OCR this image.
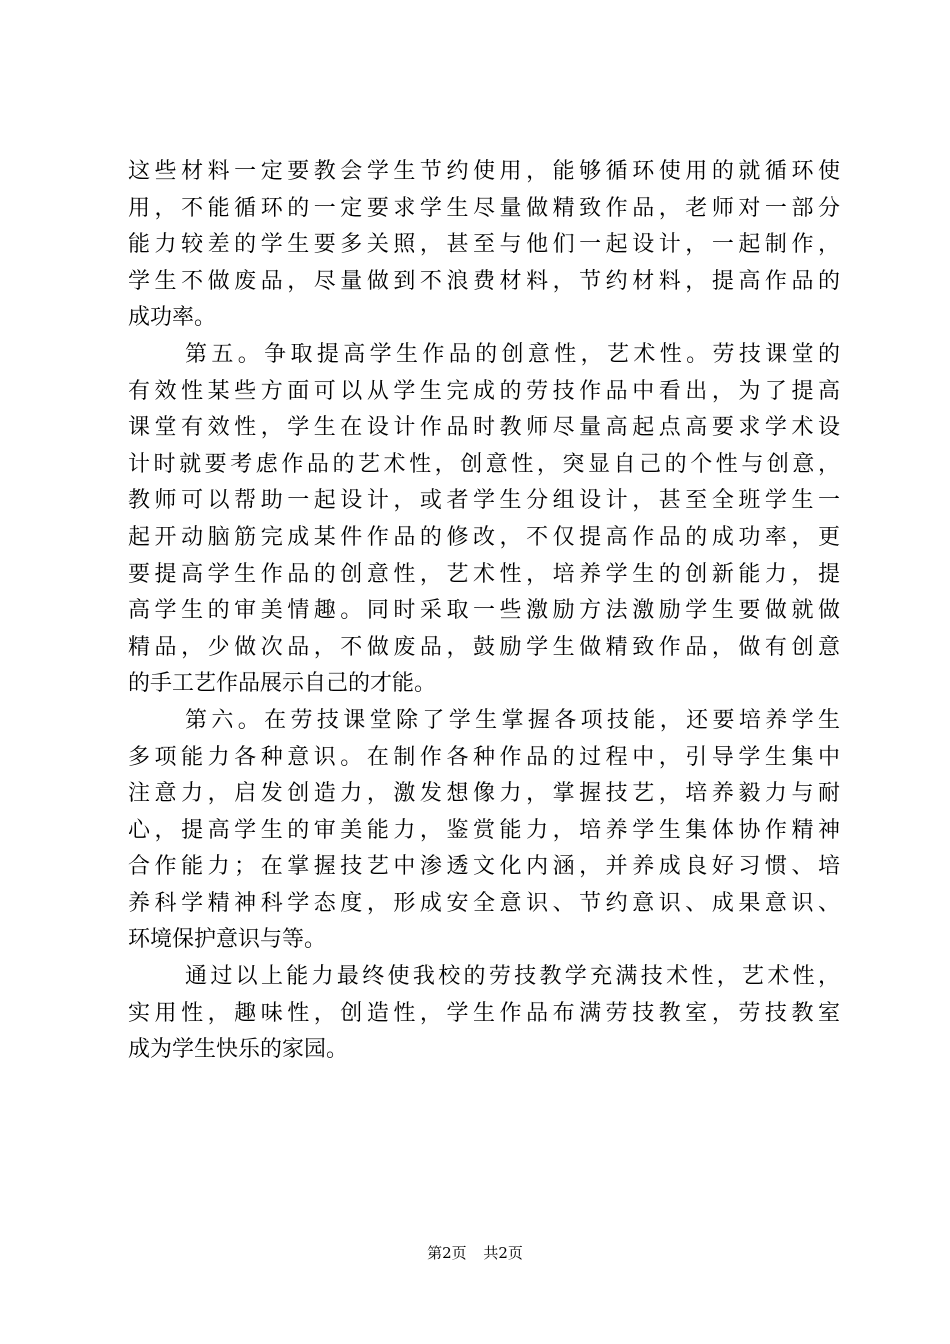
这些材料一定要教会学生节约使用，能够循环使用的就循环使
用，不能循环的一定要求学生尽量做精致作品，老师对一部分
能力较差的学生要多关照，甚至与他们一起设计，一起制作，
学生不做废品，尽量做到不浪费材料，节约材料，提高作品的
成功率。
第五。争取提高学生作品的创意性，艺术性。劳技课堂的
有效性某些方面可以从学生完成的劳技作品中看出，为了提高
课堂有效性，学生在设计作品时教师尽量高起点高要求学术设
计时就要考虑作品的艺术性，创意性，突显自己的个性与创意，
教师可以帮助一起设计，或者学生分组设计，甚至全班学生一
起开动脑筋完成某件作品的修改，不仅提高作品的成功率，更
要提高学生作品的创意性，艺术性，培养学生的创新能力，提
高学生的审美情趣。同时采取一些激励方法激励学生要做就做
精品，少做次品，不做废品，鼓励学生做精致作品，做有创意
的手工艺作品展示自己的才能。
第六。在劳技课堂除了学生掌握各项技能，还要培养学生
多项能力各种意识。在制作各种作品的过程中，引导学生集中
注意力，启发创造力，激发想像力，掌握技艺，培养毅力与耐
心，提高学生的审美能力，鉴赏能力，培养学生集体协作精神
合作能力；在掌握技艺中渗透文化内涵，并养成良好习惯、培
养科学精神科学态度，形成安全意识、节约意识、成果意识、
环境保护意识与等。
通过以上能力最终使我校的劳技教学充满技术性，艺术性，
实用性，趣味性，创造性，学生作品布满劳技教室，劳技教室
成为学生快乐的家园。
第2页 共2页
